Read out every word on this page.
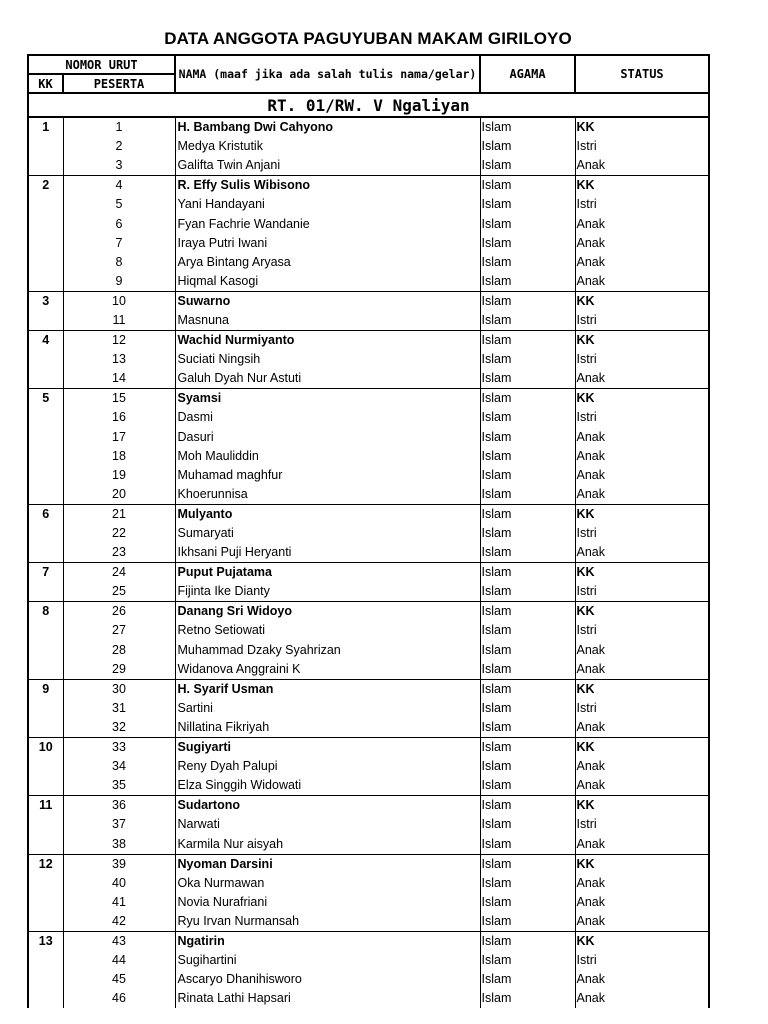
DATA ANGGOTA PAGUYUBAN MAKAM GIRILOYO
NOMOR URUT		NAMA (maaf jika ada salah tulis nama/gelar)	AGAMA	STATUS
KK	PESERTA			
RT. 01/RW. V Ngaliyan				
1	1	H. Bambang Dwi Cahyono	Islam	KK
	2	Medya Kristutik	Islam	Istri
	3	Galifta Twin Anjani	Islam	Anak
2	4	R. Effy Sulis Wibisono	Islam	KK
	5	Yani Handayani	Islam	Istri
	6	Fyan Fachrie Wandanie	Islam	Anak
	7	Iraya Putri Iwani	Islam	Anak
	8	Arya Bintang Aryasa	Islam	Anak
	9	Hiqmal Kasogi	Islam	Anak
3	10	Suwarno	Islam	KK
	11	Masnuna	Islam	Istri
4	12	Wachid Nurmiyanto	Islam	KK
	13	Suciati Ningsih	Islam	Istri
	14	Galuh Dyah Nur Astuti	Islam	Anak
5	15	Syamsi	Islam	KK
	16	Dasmi	Islam	Istri
	17	Dasuri	Islam	Anak
	18	Moh Mauliddin	Islam	Anak
	19	Muhamad maghfur	Islam	Anak
	20	Khoerunnisa	Islam	Anak
6	21	Mulyanto	Islam	KK
	22	Sumaryati	Islam	Istri
	23	Ikhsani Puji Heryanti	Islam	Anak
7	24	Puput Pujatama	Islam	KK
	25	Fijinta Ike Dianty	Islam	Istri
8	26	Danang Sri Widoyo	Islam	KK
	27	Retno Setiowati	Islam	Istri
	28	Muhammad Dzaky Syahrizan	Islam	Anak
	29	Widanova Anggraini K	Islam	Anak
9	30	H. Syarif Usman	Islam	KK
	31	Sartini	Islam	Istri
	32	Nillatina Fikriyah	Islam	Anak
10	33	Sugiyarti	Islam	KK
	34	Reny Dyah Palupi	Islam	Anak
	35	Elza Singgih Widowati	Islam	Anak
11	36	Sudartono	Islam	KK
	37	Narwati	Islam	Istri
	38	Karmila Nur aisyah	Islam	Anak
12	39	Nyoman Darsini	Islam	KK
	40	Oka Nurmawan	Islam	Anak
	41	Novia Nurafriani	Islam	Anak
	42	Ryu Irvan Nurmansah	Islam	Anak
13	43	Ngatirin	Islam	KK
	44	Sugihartini	Islam	Istri
	45	Ascaryo Dhanihisworo	Islam	Anak
	46	Rinata Lathi Hapsari	Islam	Anak
